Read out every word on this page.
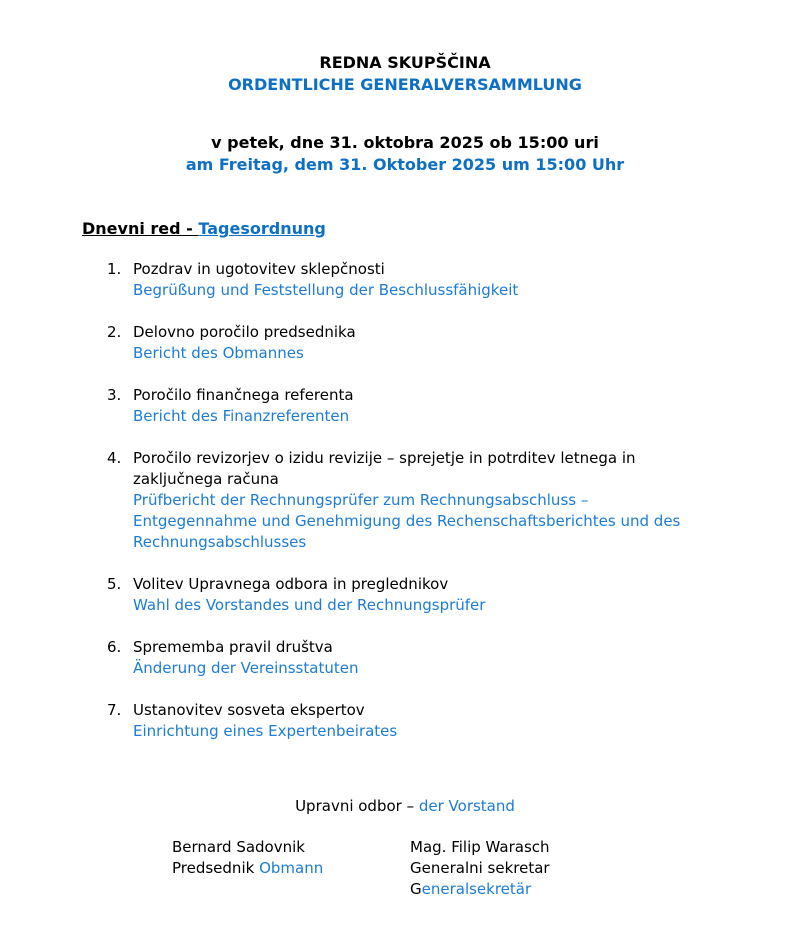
REDNA SKUPŠČINA
ORDENTLICHE GENERALVERSAMMLUNG
v petek, dne 31. oktobra 2025 ob 15:00 uri
am Freitag, dem 31. Oktober 2025 um 15:00 Uhr
Dnevni red - Tagesordnung
1. Pozdrav in ugotovitev sklepčnosti
Begrüßung und Feststellung der Beschlussfähigkeit
2. Delovno poročilo predsednika
Bericht des Obmannes
3. Poročilo finančnega referenta
Bericht des Finanzreferenten
4. Poročilo revizorjev o izidu revizije – sprejetje in potrditev letnega in zaključnega računa
Prüfbericht der Rechnungsprüfer zum Rechnungsabschluss – Entgegennahme und Genehmigung des Rechenschaftsberichtes und des Rechnungsabschlusses
5. Volitev Upravnega odbora in preglednikov
Wahl des Vorstandes und der Rechnungsprüfer
6. Sprememba pravil društva
Änderung der Vereinsstatuten
7. Ustanovitev sosveta ekspertov
Einrichtung eines Expertenbeirates
Upravni odbor – der Vorstand
Bernard Sadovnik
Predsednik Obmann
Mag. Filip Warasch
Generalni sekretar Generalsekretär
